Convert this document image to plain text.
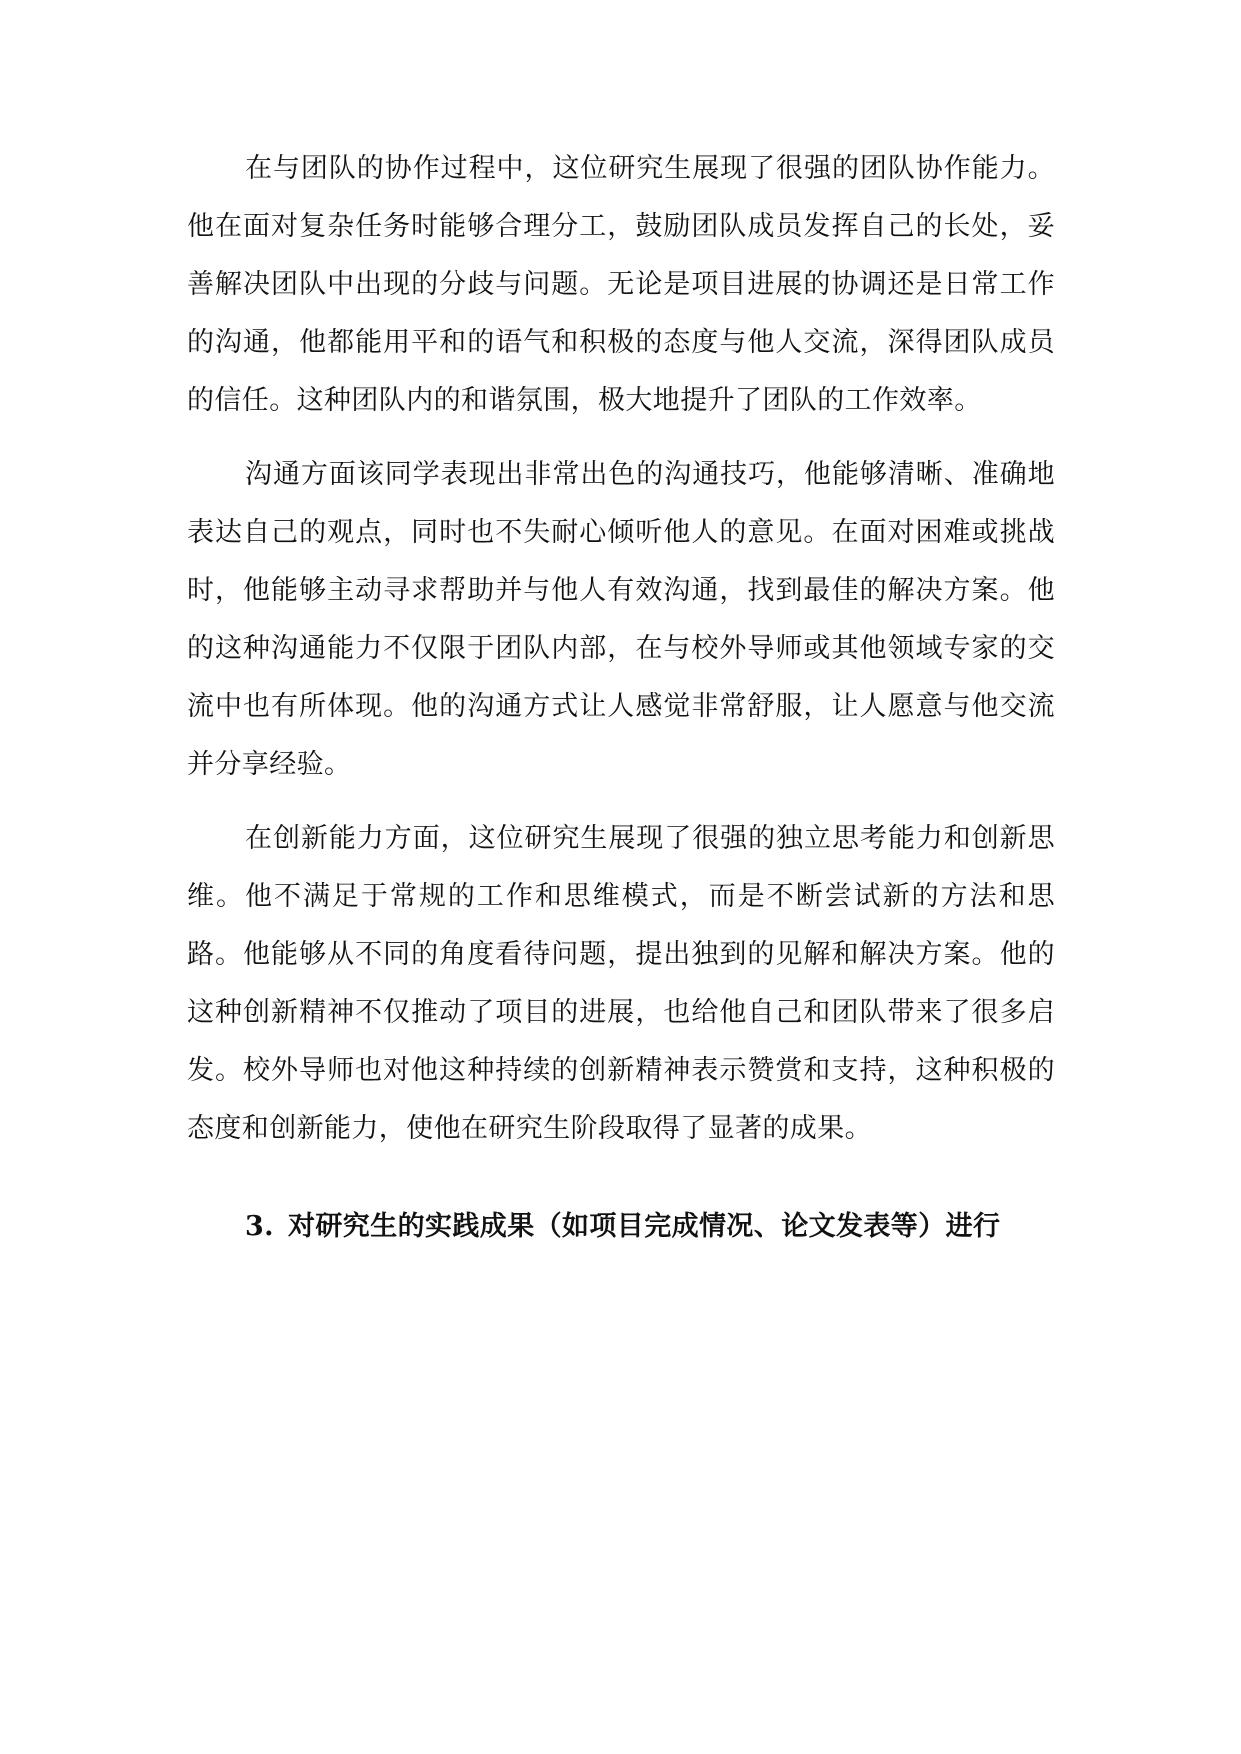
在与团队的协作过程中，这位研究生展现了很强的团队协作能力。他在面对复杂任务时能够合理分工，鼓励团队成员发挥自己的长处，妥善解决团队中出现的分歧与问题。无论是项目进展的协调还是日常工作的沟通，他都能用平和的语气和积极的态度与他人交流，深得团队成员的信任。这种团队内的和谐氛围，极大地提升了团队的工作效率。

沟通方面该同学表现出非常出色的沟通技巧，他能够清晰、准确地表达自己的观点，同时也不失耐心倾听他人的意见。在面对困难或挑战时，他能够主动寻求帮助并与他人有效沟通，找到最佳的解决方案。他的这种沟通能力不仅限于团队内部，在与校外导师或其他领域专家的交流中也有所体现。他的沟通方式让人感觉非常舒服，让人愿意与他交流并分享经验。

在创新能力方面，这位研究生展现了很强的独立思考能力和创新思维。他不满足于常规的工作和思维模式，而是不断尝试新的方法和思路。他能够从不同的角度看待问题，提出独到的见解和解决方案。他的这种创新精神不仅推动了项目的进展，也给他自己和团队带来了很多启发。校外导师也对他这种持续的创新精神表示赞赏和支持，这种积极的态度和创新能力，使他在研究生阶段取得了显著的成果。

3. 对研究生的实践成果（如项目完成情况、论文发表等）进行
